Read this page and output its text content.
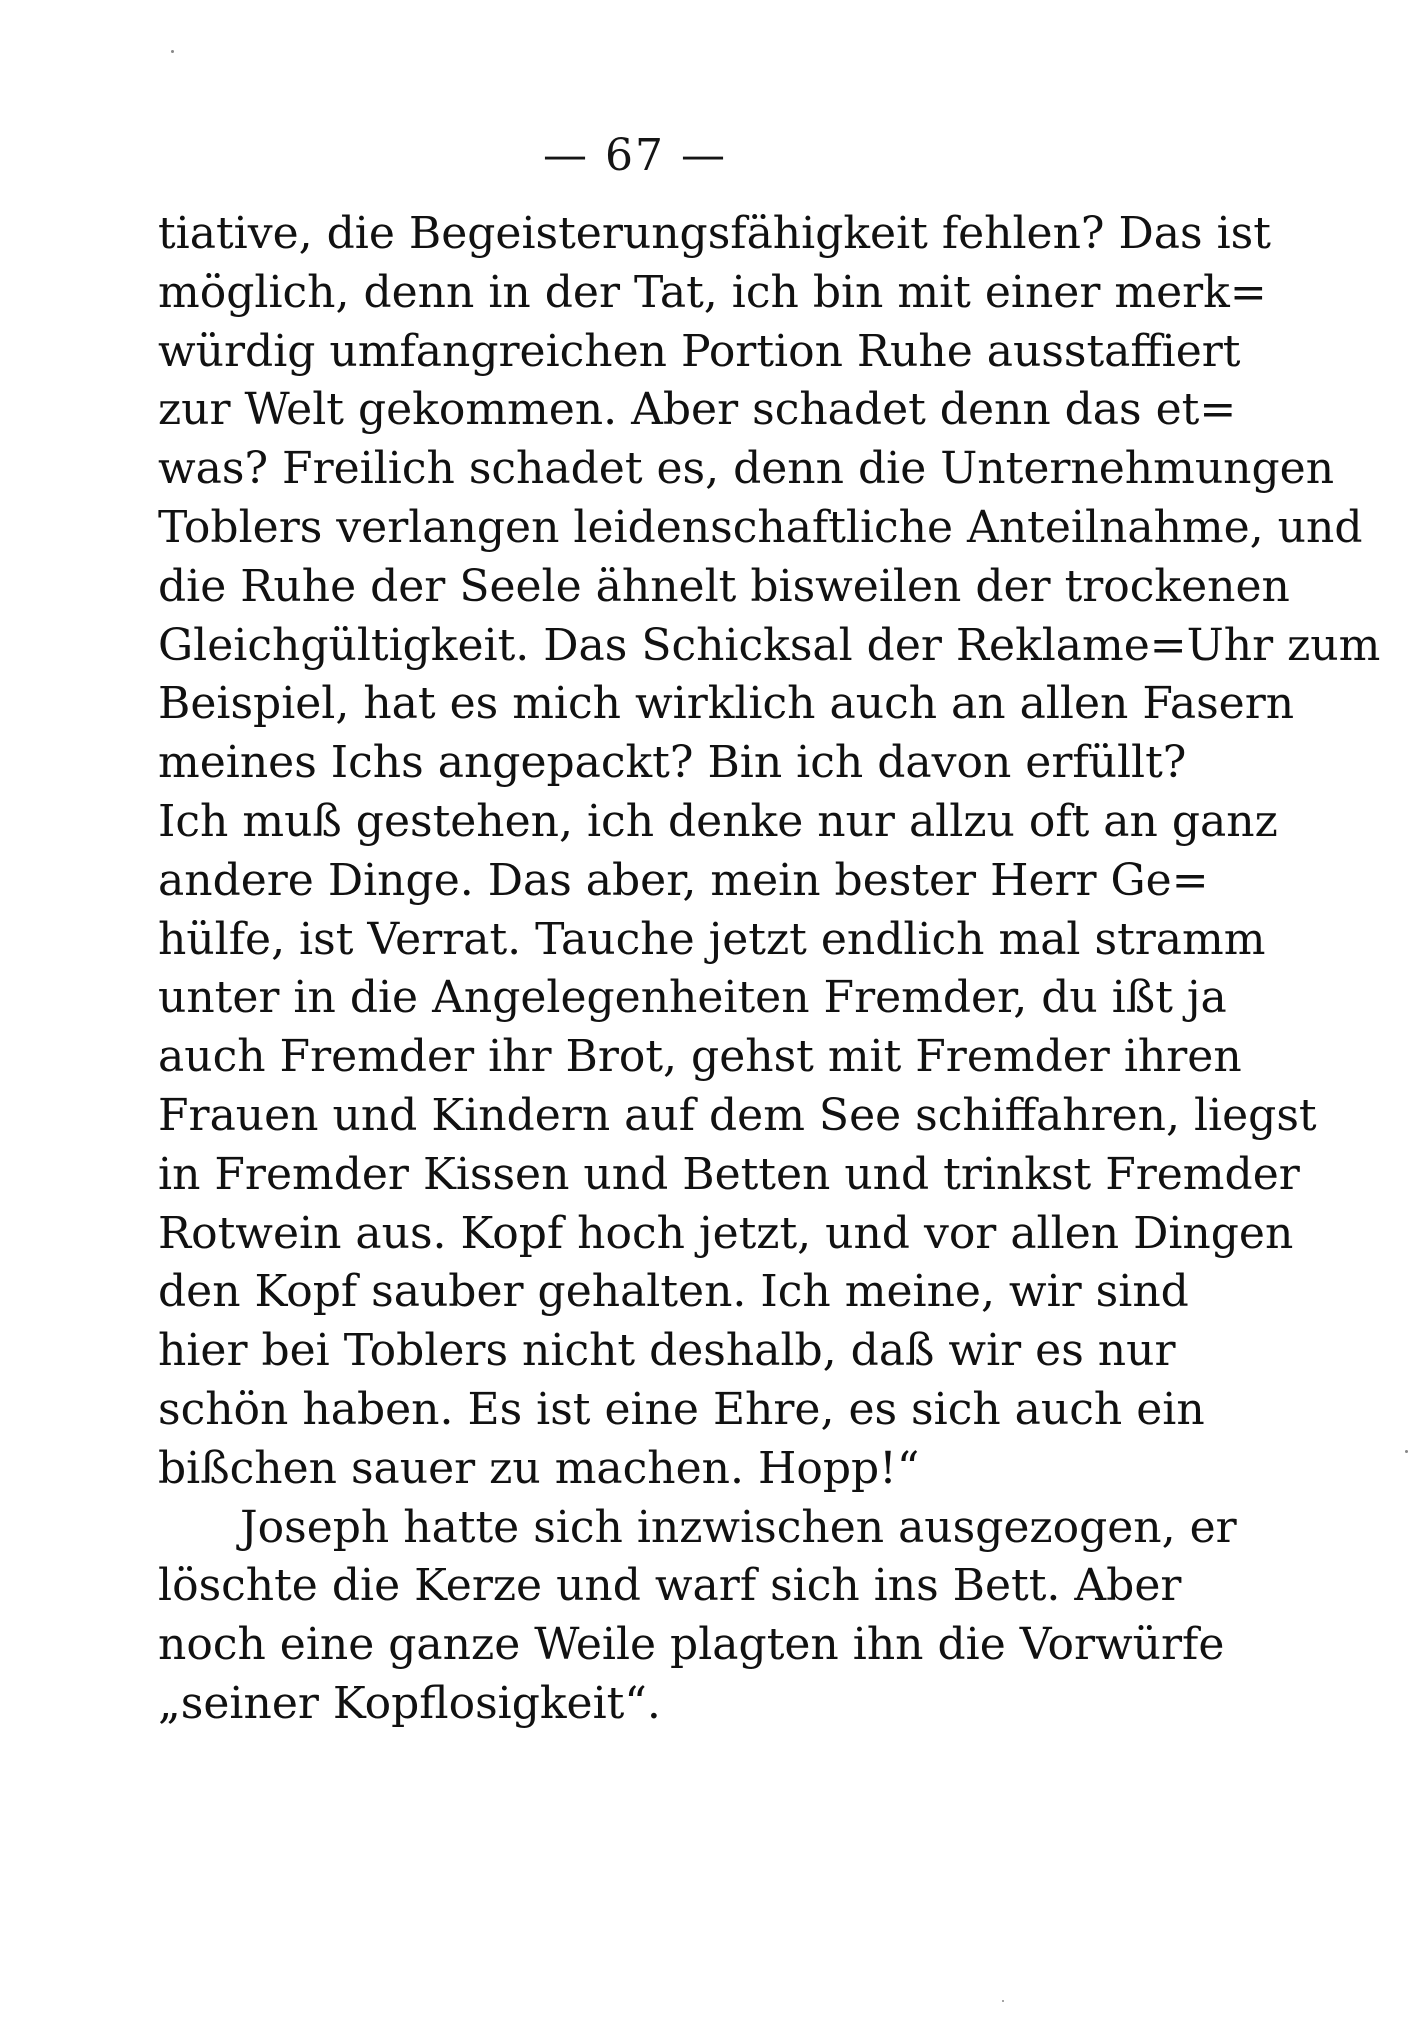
— 67 —
tiative, die Begeisterungsfähigkeit fehlen? Das ist
möglich, denn in der Tat, ich bin mit einer merk=
würdig umfangreichen Portion Ruhe ausstaffiert
zur Welt gekommen. Aber schadet denn das et=
was? Freilich schadet es, denn die Unternehmungen
Toblers verlangen leidenschaftliche Anteilnahme, und
die Ruhe der Seele ähnelt bisweilen der trockenen
Gleichgültigkeit. Das Schicksal der Reklame=Uhr zum
Beispiel, hat es mich wirklich auch an allen Fasern
meines Ichs angepackt? Bin ich davon erfüllt?
Ich muß gestehen, ich denke nur allzu oft an ganz
andere Dinge. Das aber, mein bester Herr Ge=
hülfe, ist Verrat. Tauche jetzt endlich mal stramm
unter in die Angelegenheiten Fremder, du ißt ja
auch Fremder ihr Brot, gehst mit Fremder ihren
Frauen und Kindern auf dem See schiffahren, liegst
in Fremder Kissen und Betten und trinkst Fremder
Rotwein aus. Kopf hoch jetzt, und vor allen Dingen
den Kopf sauber gehalten. Ich meine, wir sind
hier bei Toblers nicht deshalb, daß wir es nur
schön haben. Es ist eine Ehre, es sich auch ein
bißchen sauer zu machen. Hopp!“
Joseph hatte sich inzwischen ausgezogen, er
löschte die Kerze und warf sich ins Bett. Aber
noch eine ganze Weile plagten ihn die Vorwürfe
„seiner Kopflosigkeit“.
